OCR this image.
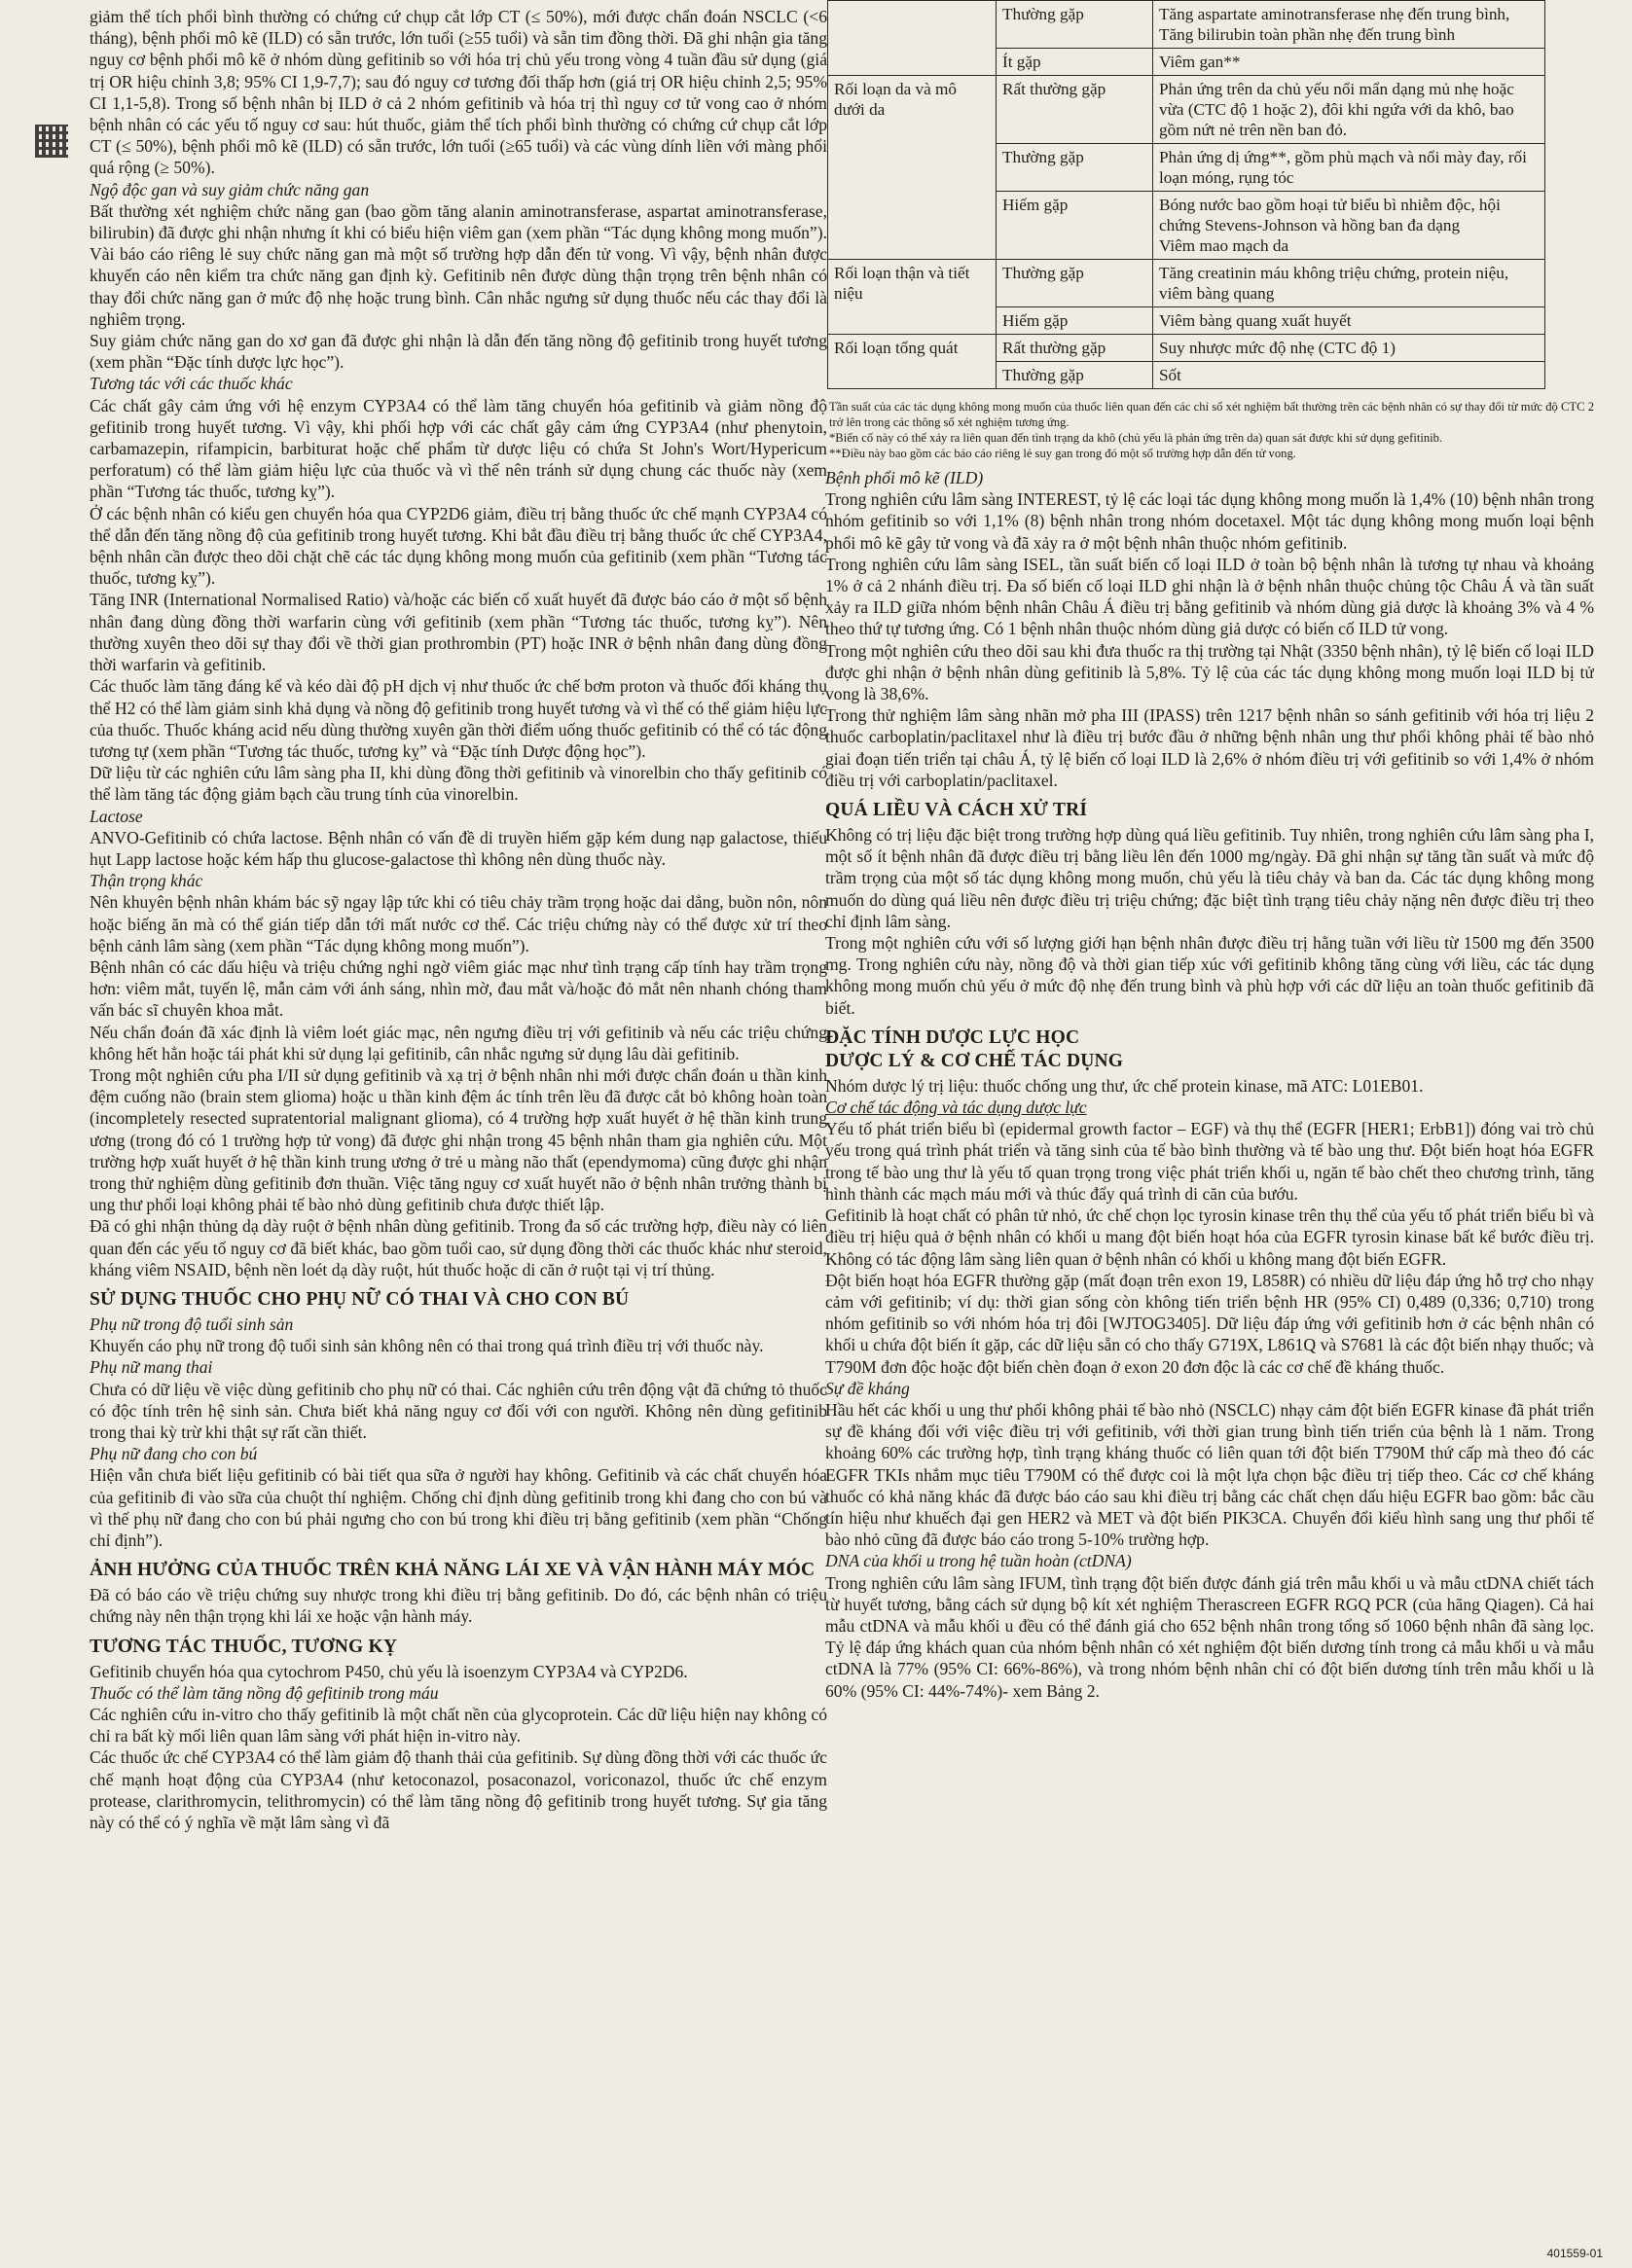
giảm thể tích phổi bình thường có chứng cứ chụp cắt lớp CT (≤ 50%), mới được chẩn đoán NSCLC (<6 tháng), bệnh phổi mô kẽ (ILD) có sẵn trước, lớn tuổi (≥55 tuổi) và sẵn tim đồng thời. Đã ghi nhận gia tăng nguy cơ bệnh phổi mô kẽ ở nhóm dùng gefitinib so với hóa trị chủ yếu trong vòng 4 tuần đầu sử dụng (giá trị OR hiệu chỉnh 3,8; 95% CI 1,9-7,7); sau đó nguy cơ tương đối thấp hơn (giá trị OR hiệu chỉnh 2,5; 95% CI 1,1-5,8). Trong số bệnh nhân bị ILD ở cả 2 nhóm gefitinib và hóa trị thì nguy cơ tử vong cao ở nhóm bệnh nhân có các yếu tố nguy cơ sau: hút thuốc, giảm thể tích phổi bình thường có chứng cứ chụp cắt lớp CT (≤ 50%), bệnh phổi mô kẽ (ILD) có sẵn trước, lớn tuổi (≥65 tuổi) và các vùng dính liền với màng phổi quá rộng (≥ 50%).

Ngộ độc gan và suy giảm chức năng gan

Bất thường xét nghiệm chức năng gan (bao gồm tăng alanin aminotransferase, aspartat aminotransferase, bilirubin) đã được ghi nhận nhưng ít khi có biểu hiện viêm gan (xem phần “Tác dụng không mong muốn”). Vài báo cáo riêng lẻ suy chức năng gan mà một số trường hợp dẫn đến tử vong. Vì vậy, bệnh nhân được khuyến cáo nên kiểm tra chức năng gan định kỳ. Gefitinib nên được dùng thận trọng trên bệnh nhân có thay đổi chức năng gan ở mức độ nhẹ hoặc trung bình. Cân nhắc ngưng sử dụng thuốc nếu các thay đổi là nghiêm trọng.

Suy giảm chức năng gan do xơ gan đã được ghi nhận là dẫn đến tăng nồng độ gefitinib trong huyết tương (xem phần “Đặc tính dược lực học”).

Tương tác với các thuốc khác

Các chất gây cảm ứng với hệ enzym CYP3A4 có thể làm tăng chuyển hóa gefitinib và giảm nồng độ gefitinib trong huyết tương. Vì vậy, khi phối hợp với các chất gây cảm ứng CYP3A4 (như phenytoin, carbamazepin, rifampicin, barbiturat hoặc chế phẩm từ dược liệu có chứa St John's Wort/Hypericum perforatum) có thể làm giảm hiệu lực của thuốc và vì thế nên tránh sử dụng chung các thuốc này (xem phần “Tương tác thuốc, tương kỵ”).

Ở các bệnh nhân có kiểu gen chuyển hóa qua CYP2D6 giảm, điều trị bằng thuốc ức chế mạnh CYP3A4 có thể dẫn đến tăng nồng độ của gefitinib trong huyết tương. Khi bắt đầu điều trị bằng thuốc ức chế CYP3A4, bệnh nhân cần được theo dõi chặt chẽ các tác dụng không mong muốn của gefitinib (xem phần “Tương tác thuốc, tương kỵ”).

Tăng INR (International Normalised Ratio) và/hoặc các biến cố xuất huyết đã được báo cáo ở một số bệnh nhân đang dùng đồng thời warfarin cùng với gefitinib (xem phần “Tương tác thuốc, tương kỵ”). Nên thường xuyên theo dõi sự thay đổi về thời gian prothrombin (PT) hoặc INR ở bệnh nhân đang dùng đồng thời warfarin và gefitinib.

Các thuốc làm tăng đáng kể và kéo dài độ pH dịch vị như thuốc ức chế bơm proton và thuốc đối kháng thụ thể H2 có thể làm giảm sinh khả dụng và nồng độ gefitinib trong huyết tương và vì thế có thể giảm hiệu lực của thuốc. Thuốc kháng acid nếu dùng thường xuyên gần thời điểm uống thuốc gefitinib có thể có tác động tương tự (xem phần “Tương tác thuốc, tương kỵ” và “Đặc tính Dược động học”).

Dữ liệu từ các nghiên cứu lâm sàng pha II, khi dùng đồng thời gefitinib và vinorelbin cho thấy gefitinib có thể làm tăng tác động giảm bạch cầu trung tính của vinorelbin.

Lactose

ANVO-Gefitinib có chứa lactose. Bệnh nhân có vấn đề di truyền hiếm gặp kém dung nạp galactose, thiếu hụt Lapp lactose hoặc kém hấp thu glucose-galactose thì không nên dùng thuốc này.

Thận trọng khác

Nên khuyên bệnh nhân khám bác sỹ ngay lập tức khi có tiêu chảy trầm trọng hoặc dai dẳng, buồn nôn, nôn hoặc biếng ăn mà có thể gián tiếp dẫn tới mất nước cơ thể. Các triệu chứng này có thể được xử trí theo bệnh cảnh lâm sàng (xem phần “Tác dụng không mong muốn”).

Bệnh nhân có các dấu hiệu và triệu chứng nghi ngờ viêm giác mạc như tình trạng cấp tính hay trầm trọng hơn: viêm mắt, tuyến lệ, mẫn cảm với ánh sáng, nhìn mờ, đau mắt và/hoặc đỏ mắt nên nhanh chóng tham vấn bác sĩ chuyên khoa mắt.

Nếu chẩn đoán đã xác định là viêm loét giác mạc, nên ngưng điều trị với gefitinib và nếu các triệu chứng không hết hẳn hoặc tái phát khi sử dụng lại gefitinib, cân nhắc ngưng sử dụng lâu dài gefitinib.

Trong một nghiên cứu pha I/II sử dụng gefitinib và xạ trị ở bệnh nhân nhi mới được chẩn đoán u thần kinh đệm cuống não (brain stem glioma) hoặc u thần kinh đệm ác tính trên lều đã được cắt bỏ không hoàn toàn (incompletely resected supratentorial malignant glioma), có 4 trường hợp xuất huyết ở hệ thần kinh trung ương (trong đó có 1 trường hợp tử vong) đã được ghi nhận trong 45 bệnh nhân tham gia nghiên cứu. Một trường hợp xuất huyết ở hệ thần kinh trung ương ở trẻ u màng não thất (ependymoma) cũng được ghi nhận trong thử nghiệm dùng gefitinib đơn thuần. Việc tăng nguy cơ xuất huyết não ở bệnh nhân trưởng thành bị ung thư phổi loại không phải tế bào nhỏ dùng gefitinib chưa được thiết lập.

Đã có ghi nhận thủng dạ dày ruột ở bệnh nhân dùng gefitinib. Trong đa số các trường hợp, điều này có liên quan đến các yếu tố nguy cơ đã biết khác, bao gồm tuổi cao, sử dụng đồng thời các thuốc khác như steroid, kháng viêm NSAID, bệnh nền loét dạ dày ruột, hút thuốc hoặc di căn ở ruột tại vị trí thủng.

SỬ DỤNG THUỐC CHO PHỤ NỮ CÓ THAI VÀ CHO CON BÚ
Phụ nữ trong độ tuổi sinh sản

Khuyến cáo phụ nữ trong độ tuổi sinh sản không nên có thai trong quá trình điều trị với thuốc này.

Phụ nữ mang thai

Chưa có dữ liệu về việc dùng gefitinib cho phụ nữ có thai. Các nghiên cứu trên động vật đã chứng tỏ thuốc có độc tính trên hệ sinh sản. Chưa biết khả năng nguy cơ đối với con người. Không nên dùng gefitinib trong thai kỳ trừ khi thật sự rất cần thiết.

Phụ nữ đang cho con bú

Hiện vẫn chưa biết liệu gefitinib có bài tiết qua sữa ở người hay không. Gefitinib và các chất chuyển hóa của gefitinib đi vào sữa của chuột thí nghiệm. Chống chỉ định dùng gefitinib trong khi đang cho con bú và vì thế phụ nữ đang cho con bú phải ngưng cho con bú trong khi điều trị bằng gefitinib (xem phần “Chống chỉ định”).

ẢNH HƯỞNG CỦA THUỐC TRÊN KHẢ NĂNG LÁI XE VÀ VẬN HÀNH MÁY MÓC

Đã có báo cáo về triệu chứng suy nhược trong khi điều trị bằng gefitinib. Do đó, các bệnh nhân có triệu chứng này nên thận trọng khi lái xe hoặc vận hành máy.

TƯƠNG TÁC THUỐC, TƯƠNG KỴ

Gefitinib chuyển hóa qua cytochrom P450, chủ yếu là isoenzym CYP3A4 và CYP2D6.

Thuốc có thể làm tăng nồng độ gefitinib trong máu

Các nghiên cứu in-vitro cho thấy gefitinib là một chất nền của glycoprotein. Các dữ liệu hiện nay không có chỉ ra bất kỳ mối liên quan lâm sàng với phát hiện in-vitro này.

Các thuốc ức chế CYP3A4 có thể làm giảm độ thanh thải của gefitinib. Sự dùng đồng thời với các thuốc ức chế mạnh hoạt động của CYP3A4 (như ketoconazol, posaconazol, voriconazol, thuốc ức chế enzym protease, clarithromycin, telithromycin) có thể làm tăng nồng độ gefitinib trong huyết tương. Sự gia tăng này có thể có ý nghĩa về mặt lâm sàng vì đã

	Thường gặp	Tăng aspartate aminotransferase nhẹ đến trung bình, Tăng bilirubin toàn phần nhẹ đến trung bình
	Ít gặp	Viêm gan**
Rối loạn da và mô dưới da	Rất thường gặp	Phản ứng trên da chủ yếu nổi mẩn dạng mủ nhẹ hoặc vừa (CTC độ 1 hoặc 2), đôi khi ngứa với da khô, bao gồm nứt nẻ trên nền ban đỏ.
	Thường gặp	Phản ứng dị ứng**, gồm phù mạch và nổi mày đay, rối loạn móng, rụng tóc
	Hiếm gặp	Bóng nước bao gồm hoại tử biểu bì nhiễm độc, hội chứng Stevens-Johnson và hồng ban đa dạng
Viêm mao mạch da
Rối loạn thận và tiết niệu	Thường gặp	Tăng creatinin máu không triệu chứng, protein niệu, viêm bàng quang
	Hiếm gặp	Viêm bàng quang xuất huyết
Rối loạn tổng quát	Rất thường gặp	Suy nhược mức độ nhẹ (CTC độ 1)
	Thường gặp	Sốt

Tần suất của các tác dụng không mong muốn của thuốc liên quan đến các chỉ số xét nghiệm bất thường trên các bệnh nhân có sự thay đổi từ mức độ CTC 2 trở lên trong các thông số xét nghiệm tương ứng.

*Biến cố này có thể xảy ra liên quan đến tình trạng da khô (chủ yếu là phản ứng trên da) quan sát được khi sử dụng gefitinib.

**Điều này bao gồm các báo cáo riêng lẻ suy gan trong đó một số trường hợp dẫn đến tử vong.

Bệnh phổi mô kẽ (ILD)

Trong nghiên cứu lâm sàng INTEREST, tỷ lệ các loại tác dụng không mong muốn là 1,4% (10) bệnh nhân trong nhóm gefitinib so với 1,1% (8) bệnh nhân trong nhóm docetaxel. Một tác dụng không mong muốn loại bệnh phổi mô kẽ gây tử vong và đã xảy ra ở một bệnh nhân thuộc nhóm gefitinib.

Trong nghiên cứu lâm sàng ISEL, tần suất biến cố loại ILD ở toàn bộ bệnh nhân là tương tự nhau và khoảng 1% ở cả 2 nhánh điều trị. Đa số biến cố loại ILD ghi nhận là ở bệnh nhân thuộc chủng tộc Châu Á và tần suất xảy ra ILD giữa nhóm bệnh nhân Châu Á điều trị bằng gefitinib và nhóm dùng giả dược là khoảng 3% và 4 % theo thứ tự tương ứng. Có 1 bệnh nhân thuộc nhóm dùng giả dược có biến cố ILD tử vong.

Trong một nghiên cứu theo dõi sau khi đưa thuốc ra thị trường tại Nhật (3350 bệnh nhân), tỷ lệ biến cố loại ILD được ghi nhận ở bệnh nhân dùng gefitinib là 5,8%. Tỷ lệ của các tác dụng không mong muốn loại ILD bị tử vong là 38,6%.

Trong thử nghiệm lâm sàng nhãn mở pha III (IPASS) trên 1217 bệnh nhân so sánh gefitinib với hóa trị liệu 2 thuốc carboplatin/paclitaxel như là điều trị bước đầu ở những bệnh nhân ung thư phổi không phải tế bào nhỏ giai đoạn tiến triển tại châu Á, tỷ lệ biến cố loại ILD là 2,6% ở nhóm điều trị với gefitinib so với 1,4% ở nhóm điều trị với carboplatin/paclitaxel.

QUÁ LIỀU VÀ CÁCH XỬ TRÍ

Không có trị liệu đặc biệt trong trường hợp dùng quá liều gefitinib. Tuy nhiên, trong nghiên cứu lâm sàng pha I, một số ít bệnh nhân đã được điều trị bằng liều lên đến 1000 mg/ngày. Đã ghi nhận sự tăng tần suất và mức độ trầm trọng của một số tác dụng không mong muốn, chủ yếu là tiêu chảy và ban da. Các tác dụng không mong muốn do dùng quá liều nên được điều trị triệu chứng; đặc biệt tình trạng tiêu chảy nặng nên được điều trị theo chỉ định lâm sàng.

Trong một nghiên cứu với số lượng giới hạn bệnh nhân được điều trị hằng tuần với liều từ 1500 mg đến 3500 mg. Trong nghiên cứu này, nồng độ và thời gian tiếp xúc với gefitinib không tăng cùng với liều, các tác dụng không mong muốn chủ yếu ở mức độ nhẹ đến trung bình và phù hợp với các dữ liệu an toàn thuốc gefitinib đã biết.

ĐẶC TÍNH DƯỢC LỰC HỌC
DƯỢC LÝ & CƠ CHẾ TÁC DỤNG

Nhóm dược lý trị liệu: thuốc chống ung thư, ức chế protein kinase, mã ATC: L01EB01.

Cơ chế tác động và tác dụng dược lực

Yếu tố phát triển biểu bì (epidermal growth factor – EGF) và thụ thể (EGFR [HER1; ErbB1]) đóng vai trò chủ yếu trong quá trình phát triển và tăng sinh của tế bào bình thường và tế bào ung thư. Đột biến hoạt hóa EGFR trong tế bào ung thư là yếu tố quan trọng trong việc phát triển khối u, ngăn tế bào chết theo chương trình, tăng hình thành các mạch máu mới và thúc đẩy quá trình di căn của bướu.

Gefitinib là hoạt chất có phân tử nhỏ, ức chế chọn lọc tyrosin kinase trên thụ thể của yếu tố phát triển biểu bì và điều trị hiệu quả ở bệnh nhân có khối u mang đột biến hoạt hóa của EGFR tyrosin kinase bất kể bước điều trị. Không có tác động lâm sàng liên quan ở bệnh nhân có khối u không mang đột biến EGFR.

Đột biến hoạt hóa EGFR thường gặp (mất đoạn trên exon 19, L858R) có nhiều dữ liệu đáp ứng hỗ trợ cho nhạy cảm với gefitinib; ví dụ: thời gian sống còn không tiến triển bệnh HR (95% CI) 0,489 (0,336; 0,710) trong nhóm gefitinib so với nhóm hóa trị đôi [WJTOG3405]. Dữ liệu đáp ứng với gefitinib hơn ở các bệnh nhân có khối u chứa đột biến ít gặp, các dữ liệu sẵn có cho thấy G719X, L861Q và S7681 là các đột biến nhạy thuốc; và T790M đơn độc hoặc đột biến chèn đoạn ở exon 20 đơn độc là các cơ chế đề kháng thuốc.

Sự đề kháng

Hầu hết các khối u ung thư phổi không phải tế bào nhỏ (NSCLC) nhạy cảm đột biến EGFR kinase đã phát triển sự đề kháng đối với việc điều trị với gefitinib, với thời gian trung bình tiến triển của bệnh là 1 năm. Trong khoảng 60% các trường hợp, tình trạng kháng thuốc có liên quan tới đột biến T790M thứ cấp mà theo đó các EGFR TKIs nhắm mục tiêu T790M có thể được coi là một lựa chọn bậc điều trị tiếp theo. Các cơ chế kháng thuốc có khả năng khác đã được báo cáo sau khi điều trị bằng các chất chẹn dấu hiệu EGFR bao gồm: bắc cầu tín hiệu như khuếch đại gen HER2 và MET và đột biến PIK3CA. Chuyển đổi kiểu hình sang ung thư phổi tế bào nhỏ cũng đã được báo cáo trong 5-10% trường hợp.

DNA của khối u trong hệ tuần hoàn (ctDNA)

Trong nghiên cứu lâm sàng IFUM, tình trạng đột biến được đánh giá trên mẫu khối u và mẫu ctDNA chiết tách từ huyết tương, bằng cách sử dụng bộ kít xét nghiệm Therascreen EGFR RGQ PCR (của hãng Qiagen). Cả hai mẫu ctDNA và mẫu khối u đều có thể đánh giá cho 652 bệnh nhân trong tổng số 1060 bệnh nhân đã sàng lọc. Tỷ lệ đáp ứng khách quan của nhóm bệnh nhân có xét nghiệm đột biến dương tính trong cả mẫu khối u và mẫu ctDNA là 77% (95% CI: 66%-86%), và trong nhóm bệnh nhân chỉ có đột biến dương tính trên mẫu khối u là 60% (95% CI: 44%-74%)- xem Bảng 2.

401559-01
